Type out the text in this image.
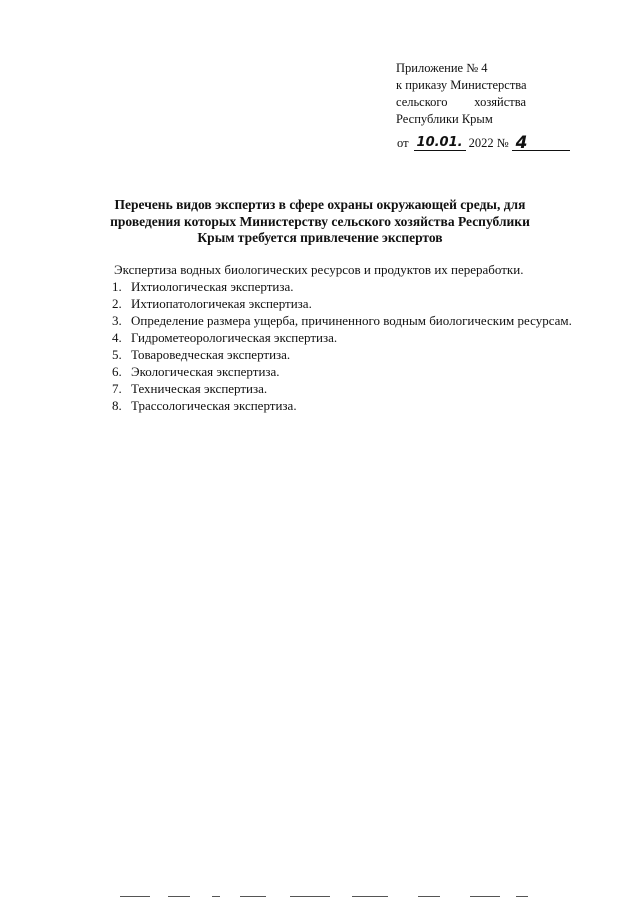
Приложение № 4
к приказу Министерства
сельского хозяйства
Республики Крым
от 10.01. 2022 № 4
Перечень видов экспертиз в сфере охраны окружающей среды, для проведения которых Министерству сельского хозяйства Республики Крым требуется привлечение экспертов
Экспертиза водных биологических ресурсов и продуктов их переработки.
1. Ихтиологическая экспертиза.
2. Ихтиопатологичекая экспертиза.
3. Определение размера ущерба, причиненного водным биологическим ресурсам.
4. Гидрометеорологическая экспертиза.
5. Товароведческая экспертиза.
6. Экологическая экспертиза.
7. Техническая экспертиза.
8. Трассологическая экспертиза.
